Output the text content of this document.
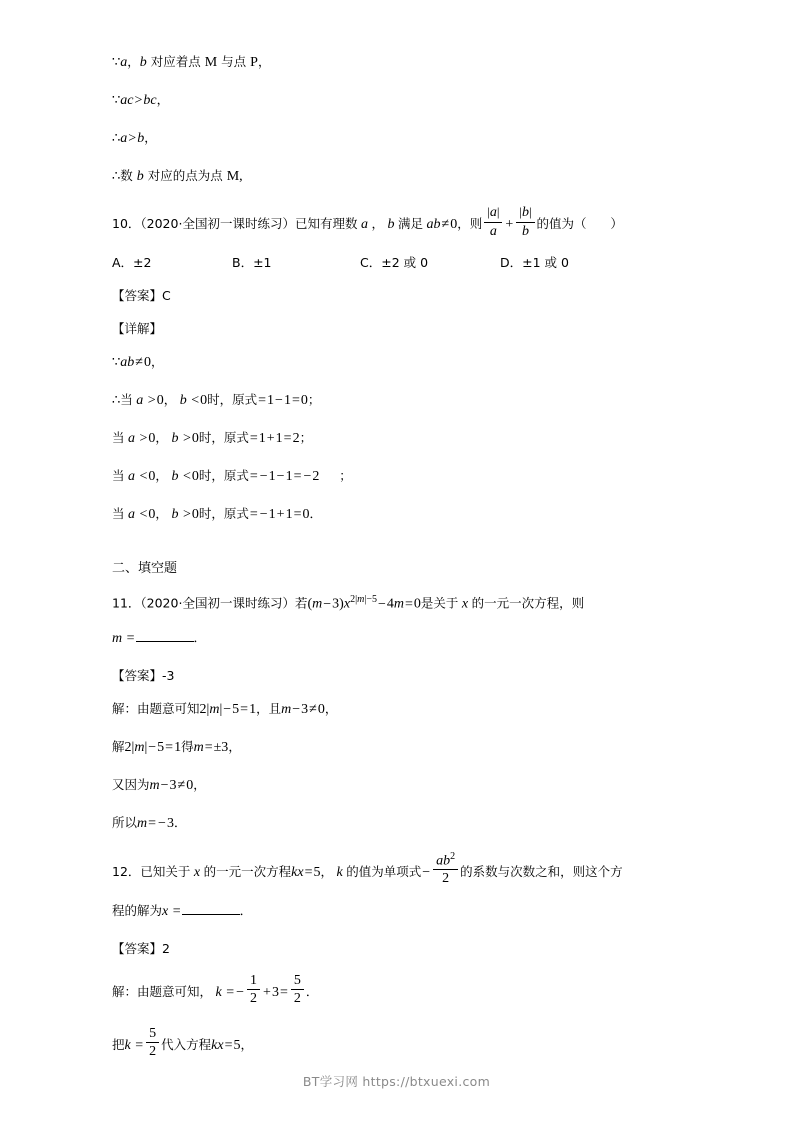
∵a，b 对应着点 M 与点 P，

∵ac>bc，

∴a>b，

∴数 b 对应的点为点 M,

10．（2020·全国初一课时练习）已知有理数 a ， b 满足 ab≠0，则 $\frac{|a|}{a} + \frac{|b|}{b}$ 的值为（      ）

A．±2	B．±1	C．±2 或 0	D．±1 或 0

【答案】C

【详解】

∵ab≠0，

∴当 a >0， b <0时，原式=1−1=0；

当 a >0， b >0时，原式=1+1=2；

当 a <0， b <0时，原式= −1−1= −2     ；

当 a <0， b >0时，原式= −1+1=0．

二、填空题

11．（2020·全国初一课时练习）若$(m-3)x^{2|m|-5}-4m=0$是关于 x 的一元一次方程，则

m =	．

【答案】-3

解：由题意可知2|m|−5=1，且m−3≠0，

解2|m|−5=1得m=±3，

又因为m−3≠0，

所以m= −3．

12．已知关于 x 的一元一次方程kx=5， k 的值为单项式− $\frac{ab^2}{2}$ 的系数与次数之和，则这个方

程的解为x =	．

【答案】2

解：由题意可知， k = − $\frac{1}{2} +3= \frac{5}{2}$ ．

把$k = \frac{5}{2}$ 代入方程kx=5，

BT学习网 https://btxuexi.com
